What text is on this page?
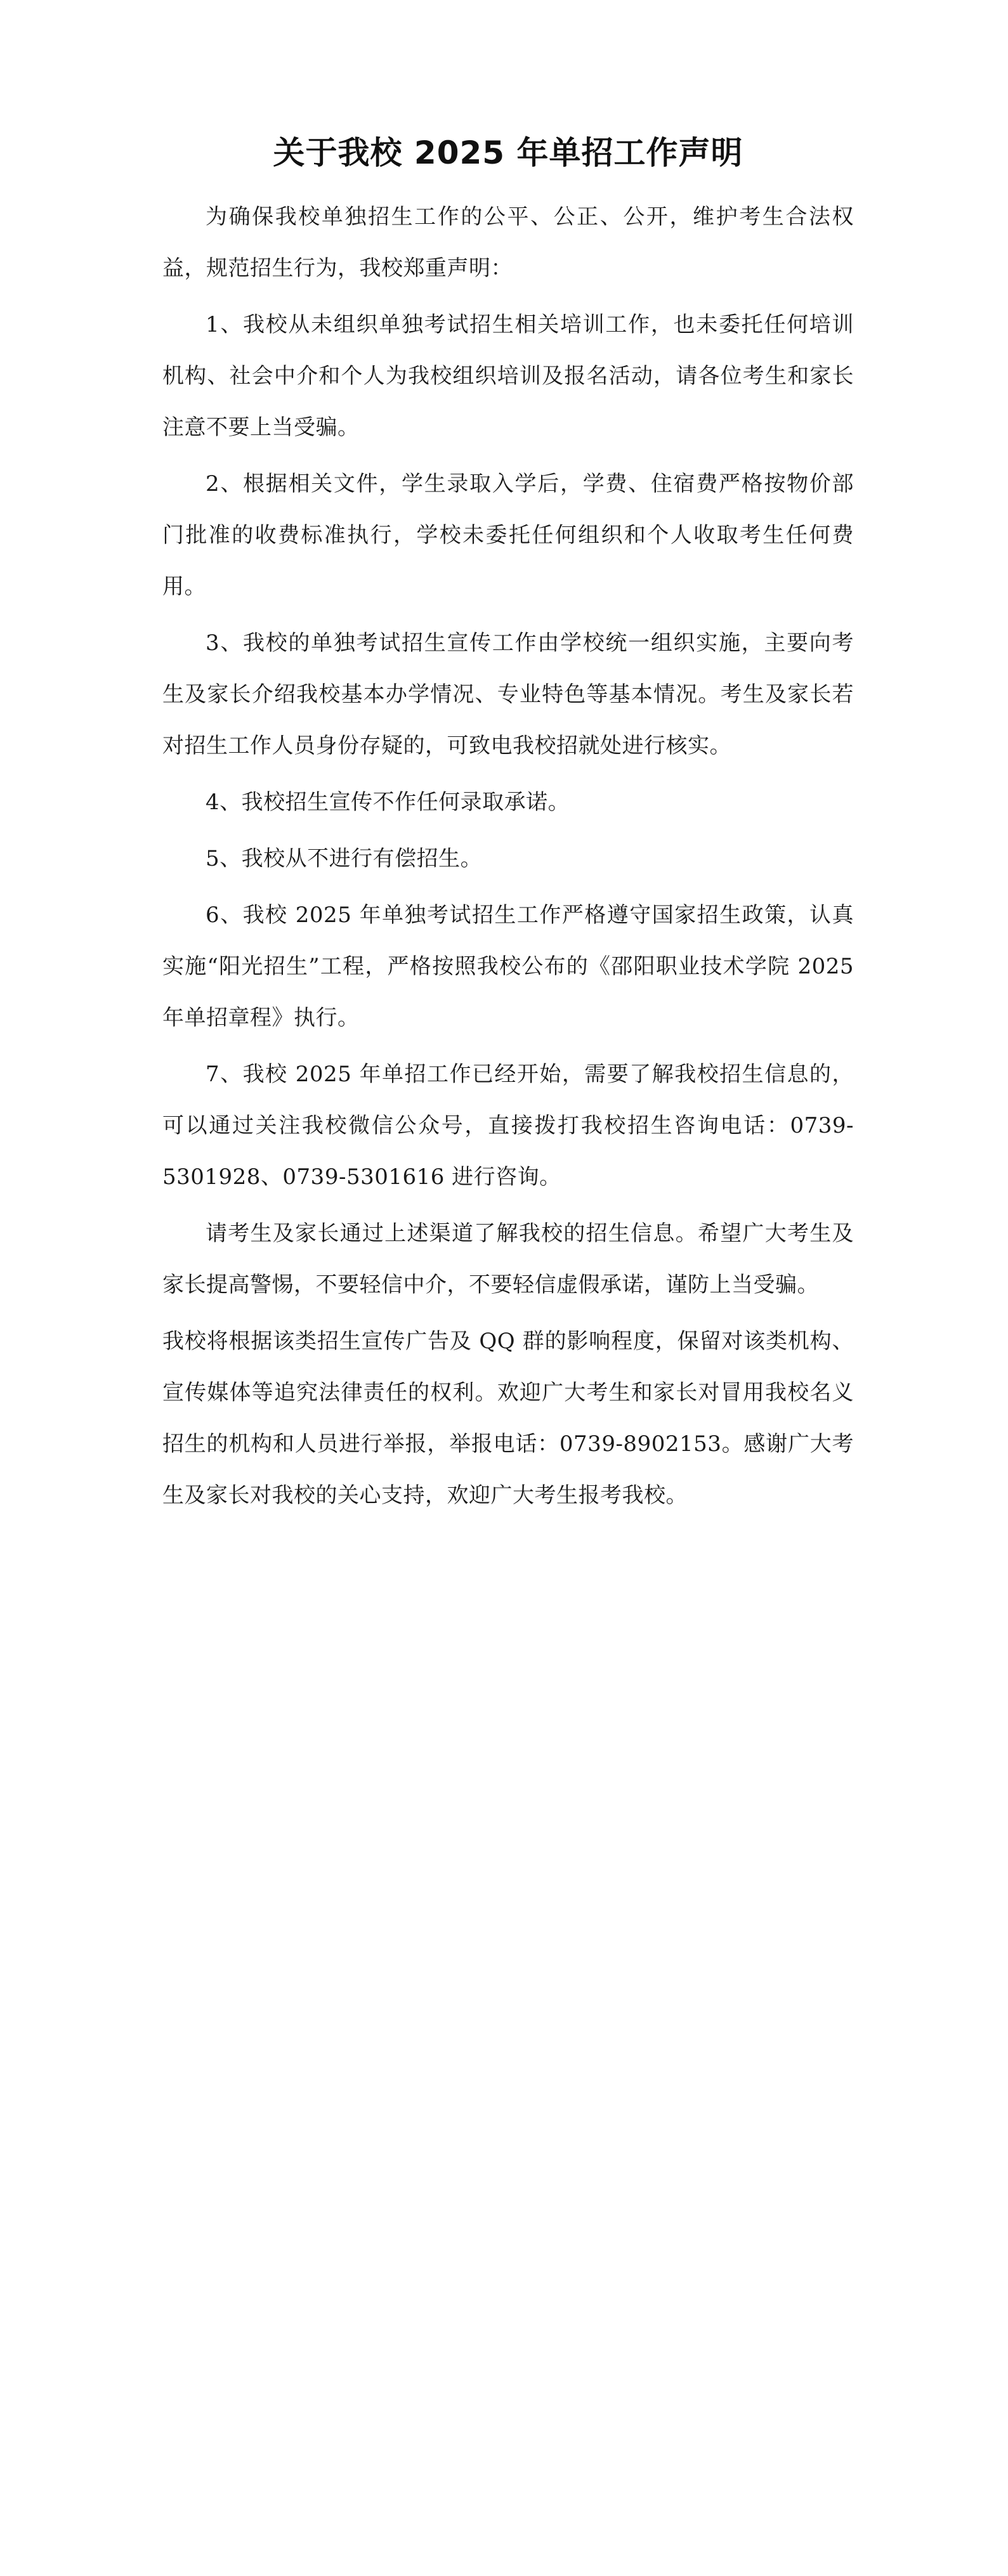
关于我校 2025 年单招工作声明

为确保我校单独招生工作的公平、公正、公开，维护考生合法权益，规范招生行为，我校郑重声明：

1、我校从未组织单独考试招生相关培训工作，也未委托任何培训机构、社会中介和个人为我校组织培训及报名活动，请各位考生和家长注意不要上当受骗。

2、根据相关文件，学生录取入学后，学费、住宿费严格按物价部门批准的收费标准执行，学校未委托任何组织和个人收取考生任何费用。

3、我校的单独考试招生宣传工作由学校统一组织实施，主要向考生及家长介绍我校基本办学情况、专业特色等基本情况。考生及家长若对招生工作人员身份存疑的，可致电我校招就处进行核实。

4、我校招生宣传不作任何录取承诺。

5、我校从不进行有偿招生。

6、我校 2025 年单独考试招生工作严格遵守国家招生政策，认真实施“阳光招生”工程，严格按照我校公布的《邵阳职业技术学院 2025 年单招章程》执行。

7、我校 2025 年单招工作已经开始，需要了解我校招生信息的，可以通过关注我校微信公众号，直接拨打我校招生咨询电话：0739-5301928、0739-5301616 进行咨询。

请考生及家长通过上述渠道了解我校的招生信息。希望广大考生及家长提高警惕，不要轻信中介，不要轻信虚假承诺，谨防上当受骗。

我校将根据该类招生宣传广告及 QQ 群的影响程度，保留对该类机构、宣传媒体等追究法律责任的权利。欢迎广大考生和家长对冒用我校名义招生的机构和人员进行举报，举报电话：0739-8902153。感谢广大考生及家长对我校的关心支持，欢迎广大考生报考我校。
